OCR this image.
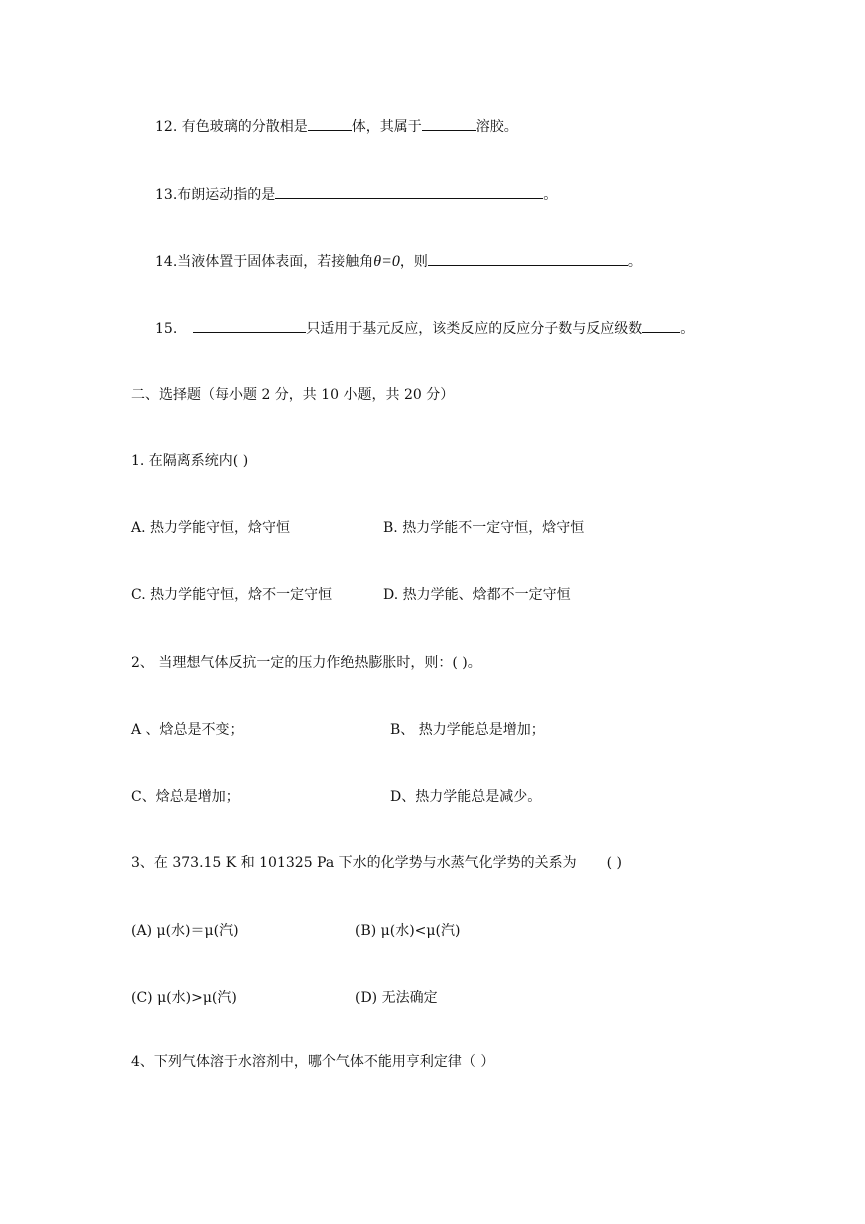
12. 有色玻璃的分散相是	体，其属于	溶胶。
13.布朗运动指的是	。
14.当液体置于固体表面，若接触角θ=0，则	。
15.	只适用于基元反应，该类反应的反应分子数与反应级数	。
二、选择题（每小题 2 分，共 10 小题，共 20 分）
1. 在隔离系统内( )
A. 热力学能守恒，焓守恒	B. 热力学能不一定守恒，焓守恒
C. 热力学能守恒，焓不一定守恒	D. 热力学能、焓都不一定守恒
2、 当理想气体反抗一定的压力作绝热膨胀时，则：( )。
A 、焓总是不变；	B、 热力学能总是增加；
C、焓总是增加；	D、热力学能总是减少。
3、在 373.15 K 和 101325 Pa 下水的化学势与水蒸气化学势的关系为 ( )
(A) μ(水)＝μ(汽)	(B) μ(水)<μ(汽)
(C) μ(水)>μ(汽)	(D) 无法确定
4、下列气体溶于水溶剂中，哪个气体不能用亨利定律（ ）
